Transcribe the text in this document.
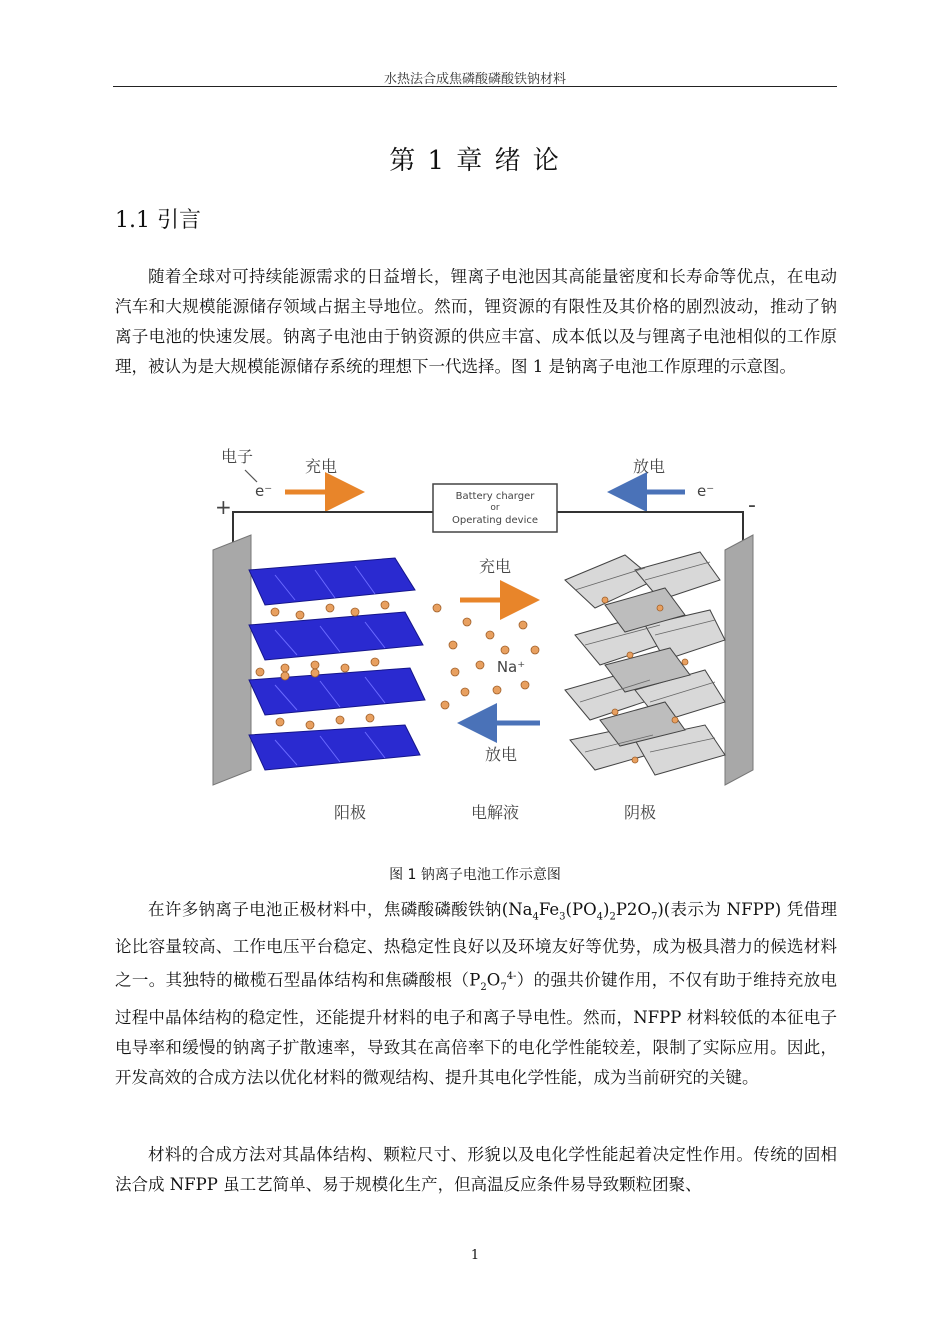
水热法合成焦磷酸磷酸铁钠材料
第 1 章 绪 论
1.1 引言

随着全球对可持续能源需求的日益增长，锂离子电池因其高能量密度和长寿命等优点，在电动汽车和大规模能源储存领域占据主导地位。然而，锂资源的有限性及其价格的剧烈波动，推动了钠离子电池的快速发展。钠离子电池由于钠资源的供应丰富、成本低以及与锂离子电池相似的工作原理，被认为是大规模能源储存系统的理想下一代选择。图 1 是钠离子电池工作原理的示意图。

电子
e⁻
充电	放电
e⁻
+	-
Battery charger
or
Operating device
充电
Na⁺
放电
阳极	电解液	阴极
图 1 钠离子电池工作示意图

在许多钠离子电池正极材料中，焦磷酸磷酸铁钠$(Na_4Fe_3(PO_4)_2P2O_7)$(表示为 NFPP) 凭借理论比容量较高、工作电压平台稳定、热稳定性良好以及环境友好等优势，成为极具潜力的候选材料之一。其独特的橄榄石型晶体结构和焦磷酸根$(P_2O_7^{4-})$的强共价键作用，不仅有助于维持充放电过程中晶体结构的稳定性，还能提升材料的电子和离子导电性。然而，NFPP 材料较低的本征电子电导率和缓慢的钠离子扩散速率，导致其在高倍率下的电化学性能较差，限制了实际应用。因此，开发高效的合成方法以优化材料的微观结构、提升其电化学性能，成为当前研究的关键。

材料的合成方法对其晶体结构、颗粒尺寸、形貌以及电化学性能起着决定性作用。传统的固相法合成 NFPP 虽工艺简单、易于规模化生产，但高温反应条件易导致颗粒团聚、

1
